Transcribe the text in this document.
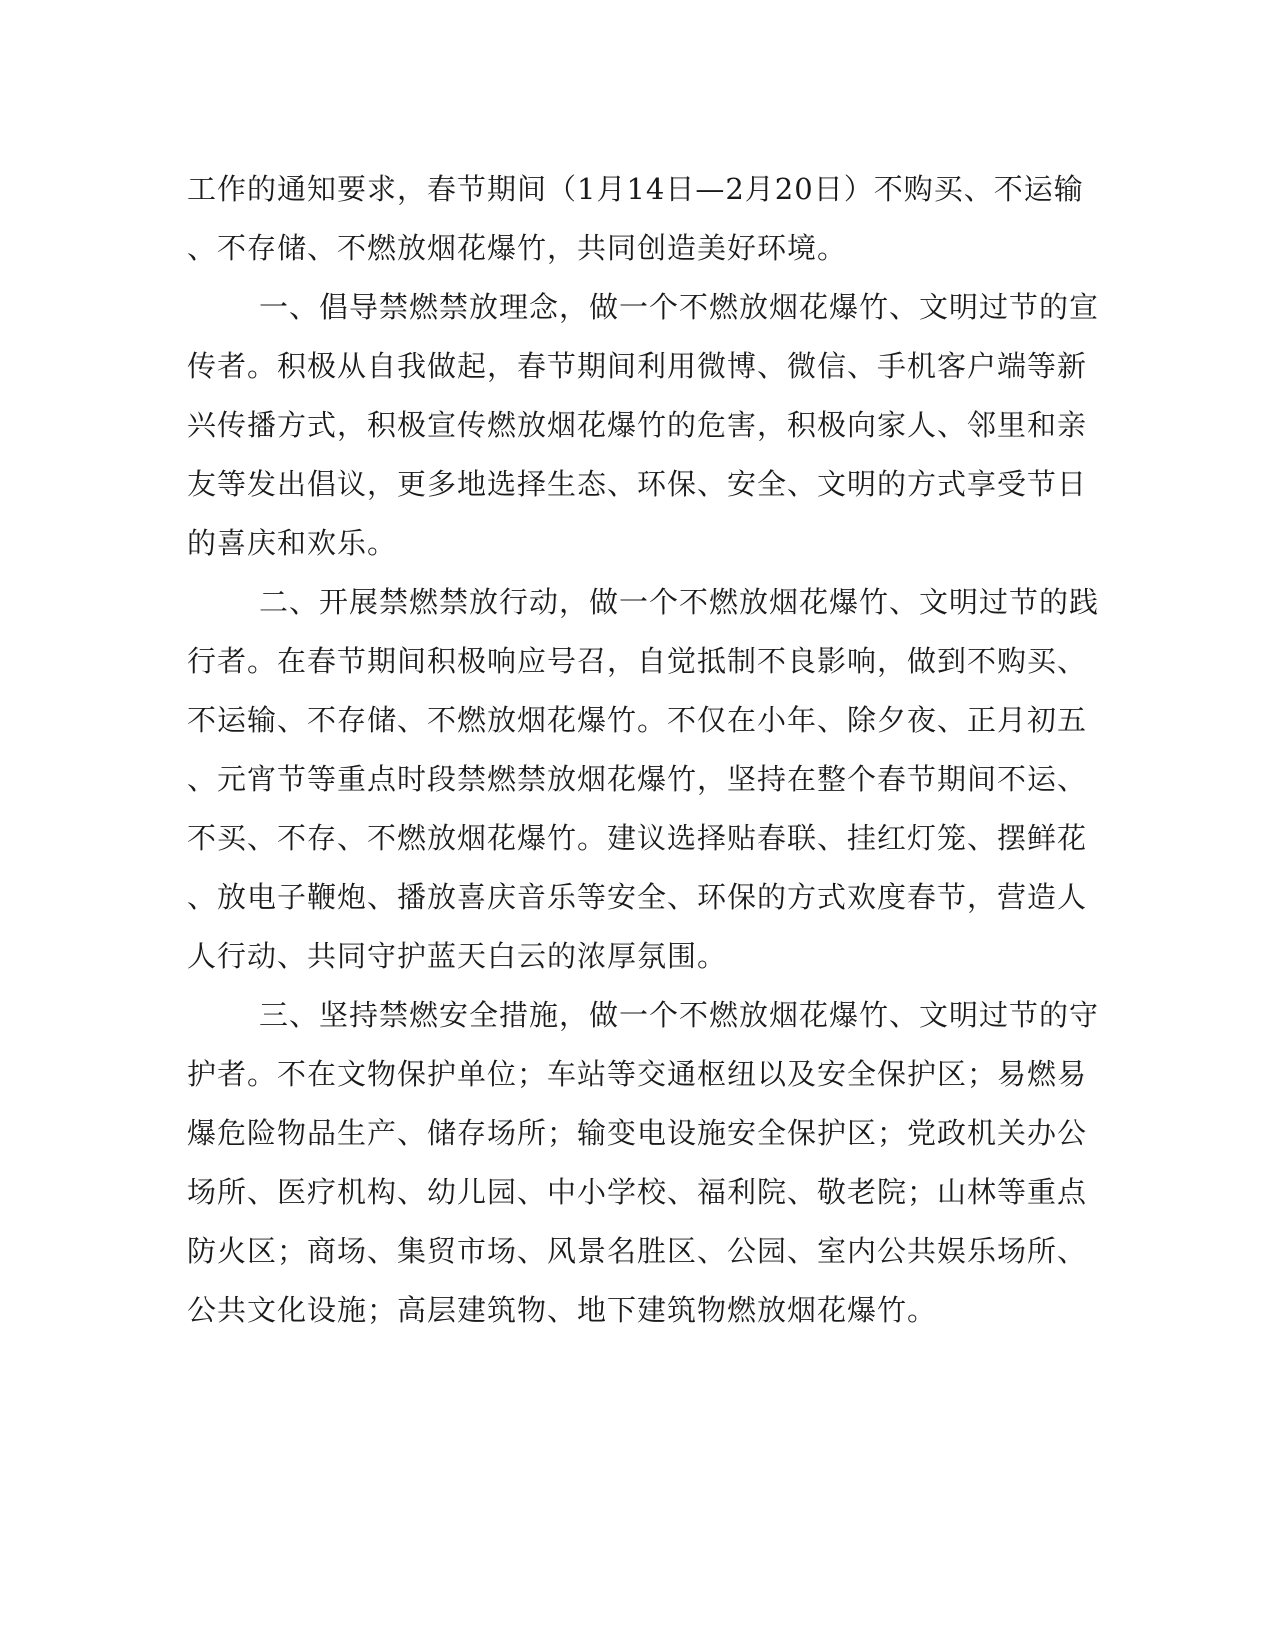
工作的通知要求，春节期间（1月14日—2月20日）不购买、不运输
、不存储、不燃放烟花爆竹，共同创造美好环境。
一、倡导禁燃禁放理念，做一个不燃放烟花爆竹、文明过节的宣
传者。积极从自我做起，春节期间利用微博、微信、手机客户端等新
兴传播方式，积极宣传燃放烟花爆竹的危害，积极向家人、邻里和亲
友等发出倡议，更多地选择生态、环保、安全、文明的方式享受节日
的喜庆和欢乐。
二、开展禁燃禁放行动，做一个不燃放烟花爆竹、文明过节的践
行者。在春节期间积极响应号召，自觉抵制不良影响，做到不购买、
不运输、不存储、不燃放烟花爆竹。不仅在小年、除夕夜、正月初五
、元宵节等重点时段禁燃禁放烟花爆竹，坚持在整个春节期间不运、
不买、不存、不燃放烟花爆竹。建议选择贴春联、挂红灯笼、摆鲜花
、放电子鞭炮、播放喜庆音乐等安全、环保的方式欢度春节，营造人
人行动、共同守护蓝天白云的浓厚氛围。
三、坚持禁燃安全措施，做一个不燃放烟花爆竹、文明过节的守
护者。不在文物保护单位；车站等交通枢纽以及安全保护区；易燃易
爆危险物品生产、储存场所；输变电设施安全保护区；党政机关办公
场所、医疗机构、幼儿园、中小学校、福利院、敬老院；山林等重点
防火区；商场、集贸市场、风景名胜区、公园、室内公共娱乐场所、
公共文化设施；高层建筑物、地下建筑物燃放烟花爆竹。
